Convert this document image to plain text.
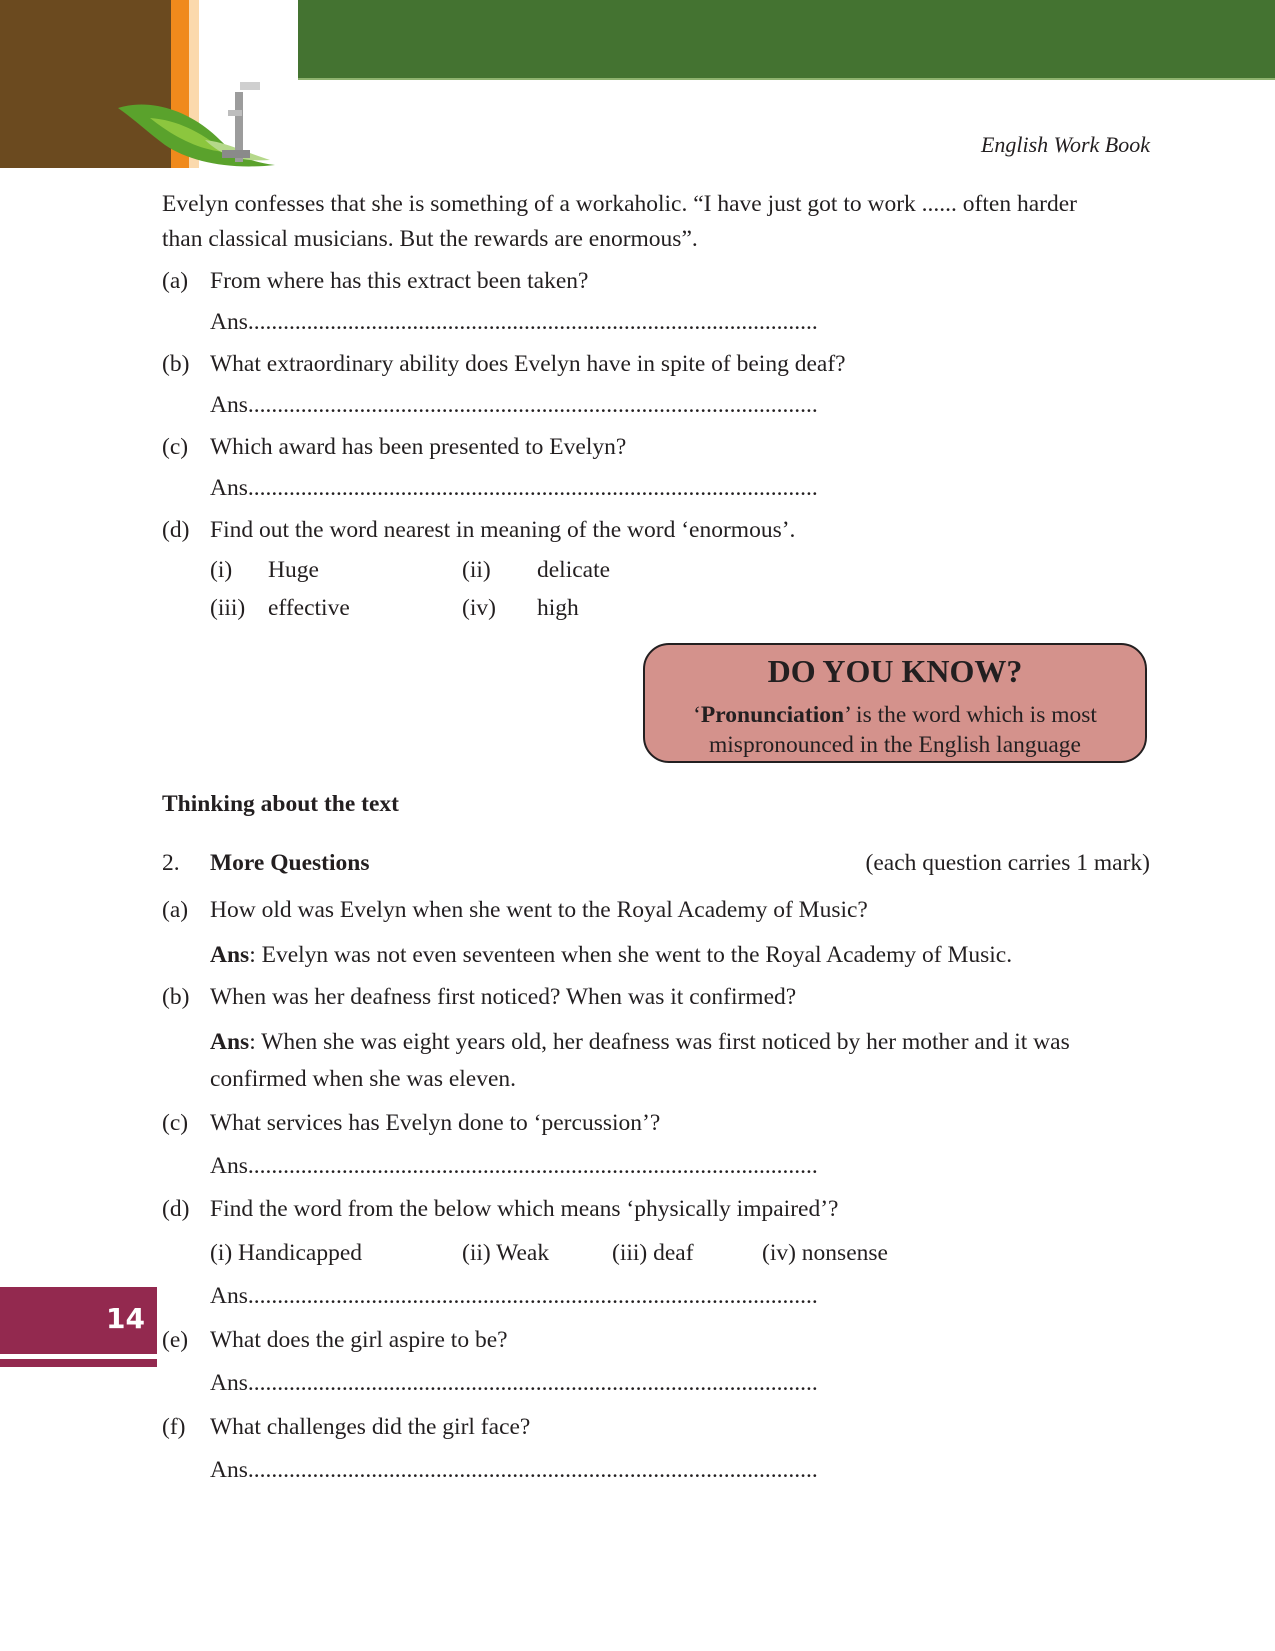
English Work Book
Evelyn confesses that she is something of a workaholic. “I have just got to work ...... often harder
than classical musicians. But the rewards are enormous”.
(a) From where has this extract been taken?
Ans.................................................................................................
(b) What extraordinary ability does Evelyn have in spite of being deaf?
Ans.................................................................................................
(c) Which award has been presented to Evelyn?
Ans.................................................................................................
(d) Find out the word nearest in meaning of the word ‘enormous’.
(i) Huge	(ii) delicate
(iii) effective	(iv) high
DO YOU KNOW?
‘Pronunciation’ is the word which is most
mispronounced in the English language
Thinking about the text
2. More Questions	(each question carries 1 mark)
(a) How old was Evelyn when she went to the Royal Academy of Music?
Ans: Evelyn was not even seventeen when she went to the Royal Academy of Music.
(b) When was her deafness first noticed? When was it confirmed?
Ans: When she was eight years old, her deafness was first noticed by her mother and it was
confirmed when she was eleven.
(c) What services has Evelyn done to ‘percussion’?
Ans.................................................................................................
(d) Find the word from the below which means ‘physically impaired’?
(i) Handicapped	(ii) Weak	(iii) deaf	(iv) nonsense
Ans.................................................................................................
(e) What does the girl aspire to be?
Ans.................................................................................................
(f) What challenges did the girl face?
Ans.................................................................................................
14
